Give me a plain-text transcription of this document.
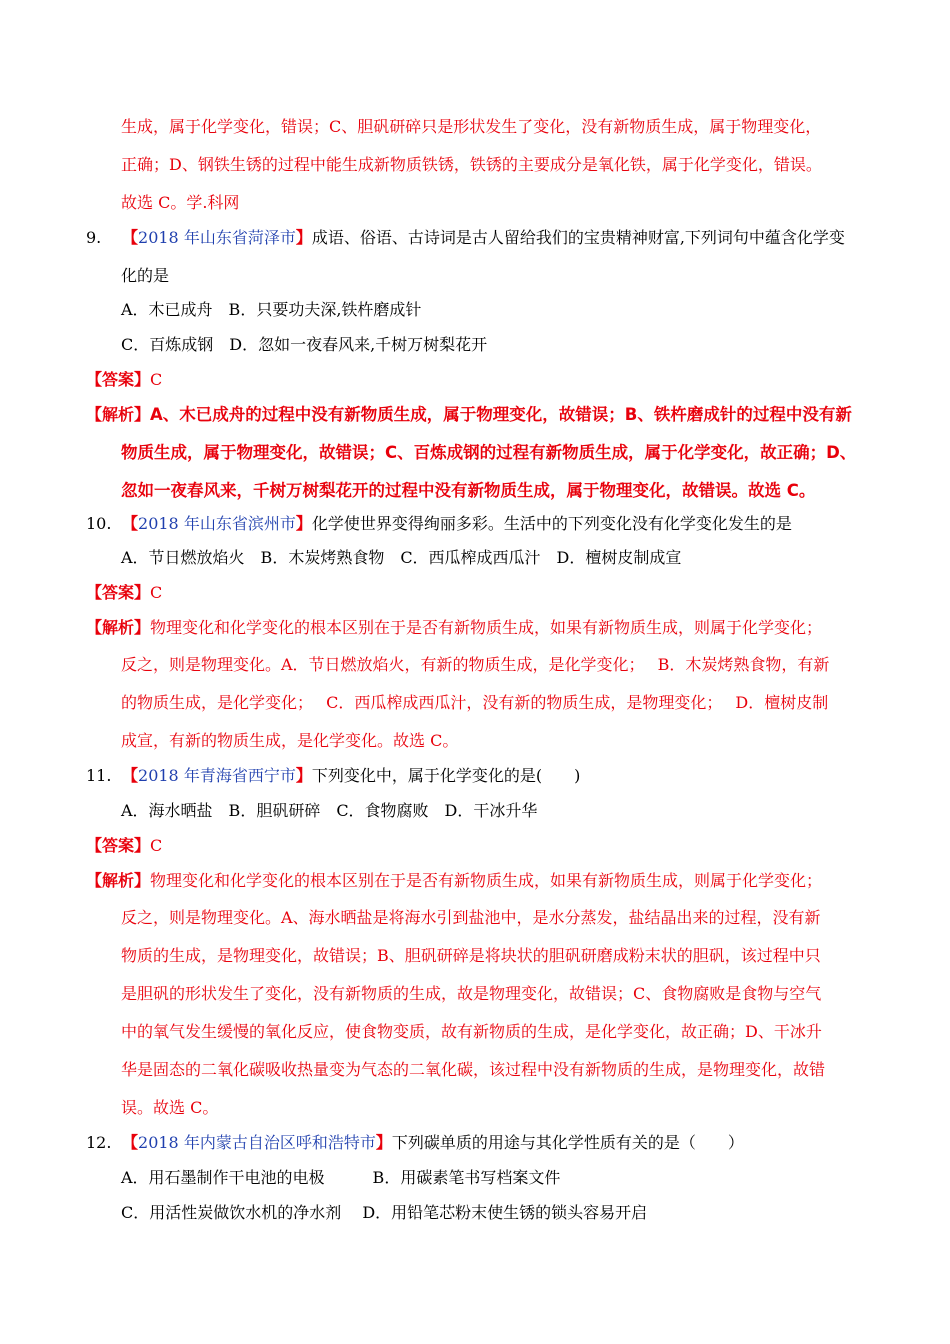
生成，属于化学变化，错误；C、胆矾研碎只是形状发生了变化，没有新物质生成，属于物理变化，
正确；D、钢铁生锈的过程中能生成新物质铁锈，铁锈的主要成分是氧化铁，属于化学变化，错误。
故选 C。学.科网
9. 【2018 年山东省菏泽市】成语、俗语、古诗词是古人留给我们的宝贵精神财富,下列词句中蕴含化学变
化的是
A．木已成舟　B．只要功夫深,铁杵磨成针
C．百炼成钢　D．忽如一夜春风来,千树万树梨花开
【答案】C
【解析】A、木已成舟的过程中没有新物质生成，属于物理变化，故错误；B、铁杵磨成针的过程中没有新
物质生成，属于物理变化，故错误；C、百炼成钢的过程有新物质生成，属于化学变化，故正确；D、
忽如一夜春风来，千树万树梨花开的过程中没有新物质生成，属于物理变化，故错误。故选 C。
10. 【2018 年山东省滨州市】化学使世界变得绚丽多彩。生活中的下列变化没有化学变化发生的是
A．节日燃放焰火　B．木炭烤熟食物　C．西瓜榨成西瓜汁　D．檀树皮制成宣
【答案】C
【解析】物理变化和化学变化的根本区别在于是否有新物质生成，如果有新物质生成，则属于化学变化；
反之，则是物理变化。A．节日燃放焰火，有新的物质生成，是化学变化；　 B．木炭烤熟食物，有新
的物质生成，是化学变化；　 C．西瓜榨成西瓜汁，没有新的物质生成，是物理变化；　 D．檀树皮制
成宣，有新的物质生成，是化学变化。故选 C。
11. 【2018 年青海省西宁市】下列变化中，属于化学变化的是(　　)
A．海水晒盐　B．胆矾研碎　C．食物腐败　D．干冰升华
【答案】C
【解析】物理变化和化学变化的根本区别在于是否有新物质生成，如果有新物质生成，则属于化学变化；
反之，则是物理变化。A、海水晒盐是将海水引到盐池中，是水分蒸发，盐结晶出来的过程，没有新
物质的生成，是物理变化，故错误；B、胆矾研碎是将块状的胆矾研磨成粉末状的胆矾，该过程中只
是胆矾的形状发生了变化，没有新物质的生成，故是物理变化，故错误；C、食物腐败是食物与空气
中的氧气发生缓慢的氧化反应，使食物变质，故有新物质的生成，是化学变化，故正确；D、干冰升
华是固态的二氧化碳吸收热量变为气态的二氧化碳，该过程中没有新物质的生成，是物理变化，故错
误。故选 C。
12. 【2018 年内蒙古自治区呼和浩特市】下列碳单质的用途与其化学性质有关的是（　　）
A．用石墨制作干电池的电极　　　B．用碳素笔书写档案文件
C．用活性炭做饮水机的净水剂　 D．用铅笔芯粉末使生锈的锁头容易开启
